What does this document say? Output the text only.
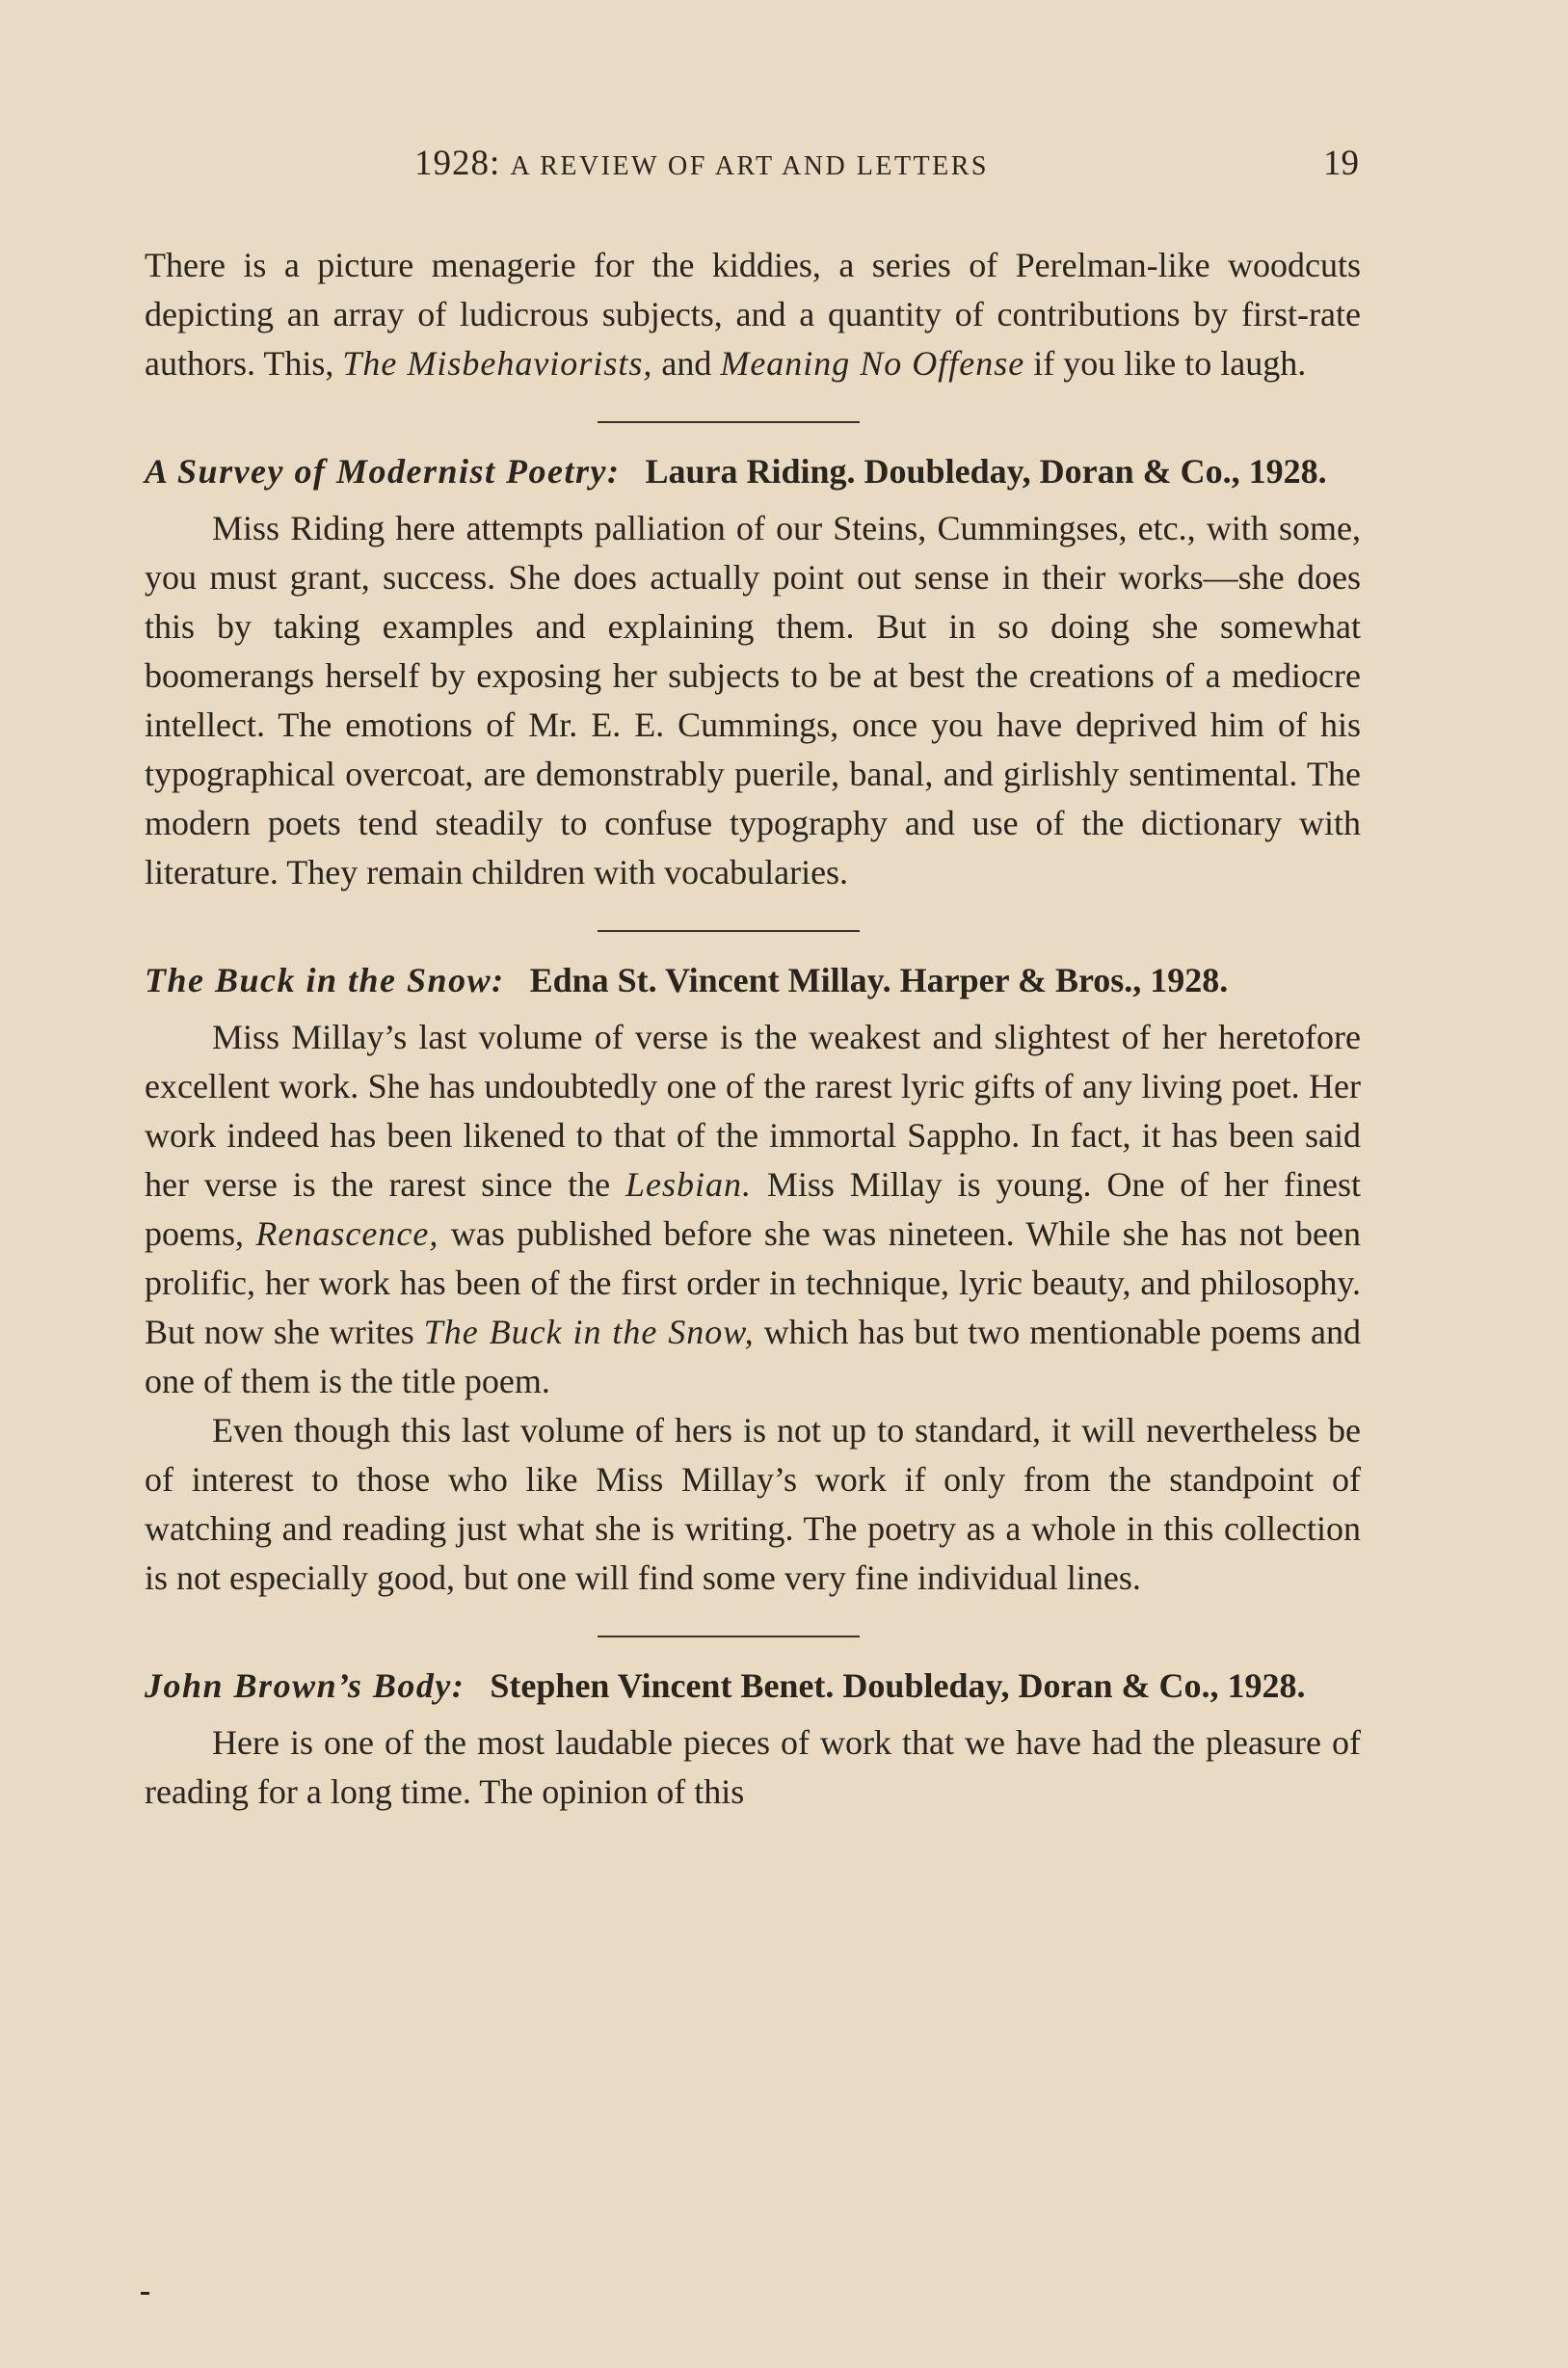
1928: A REVIEW OF ART AND LETTERS	19

There is a picture menagerie for the kiddies, a series of Perelman-like woodcuts depicting an array of ludicrous subjects, and a quantity of contributions by first-rate authors. This, The Misbehaviorists, and Meaning No Offense if you like to laugh.

A Survey of Modernist Poetry: Laura Riding. Doubleday, Doran & Co., 1928.

Miss Riding here attempts palliation of our Steins, Cummingses, etc., with some, you must grant, success. She does actually point out sense in their works—she does this by taking examples and explaining them. But in so doing she somewhat boomerangs herself by exposing her subjects to be at best the creations of a mediocre intellect. The emotions of Mr. E. E. Cummings, once you have deprived him of his typographical overcoat, are demonstrably puerile, banal, and girlishly sentimental. The modern poets tend steadily to confuse typography and use of the dictionary with literature. They remain children with vocabularies.

The Buck in the Snow: Edna St. Vincent Millay. Harper & Bros., 1928.

Miss Millay’s last volume of verse is the weakest and slightest of her heretofore excellent work. She has undoubtedly one of the rarest lyric gifts of any living poet. Her work indeed has been likened to that of the immortal Sappho. In fact, it has been said her verse is the rarest since the Lesbian. Miss Millay is young. One of her finest poems, Renascence, was published before she was nineteen. While she has not been prolific, her work has been of the first order in technique, lyric beauty, and philosophy. But now she writes The Buck in the Snow, which has but two mentionable poems and one of them is the title poem.

Even though this last volume of hers is not up to standard, it will nevertheless be of interest to those who like Miss Millay’s work if only from the standpoint of watching and reading just what she is writing. The poetry as a whole in this collection is not especially good, but one will find some very fine individual lines.

John Brown’s Body: Stephen Vincent Benet. Doubleday, Doran & Co., 1928.

Here is one of the most laudable pieces of work that we have had the pleasure of reading for a long time. The opinion of this
